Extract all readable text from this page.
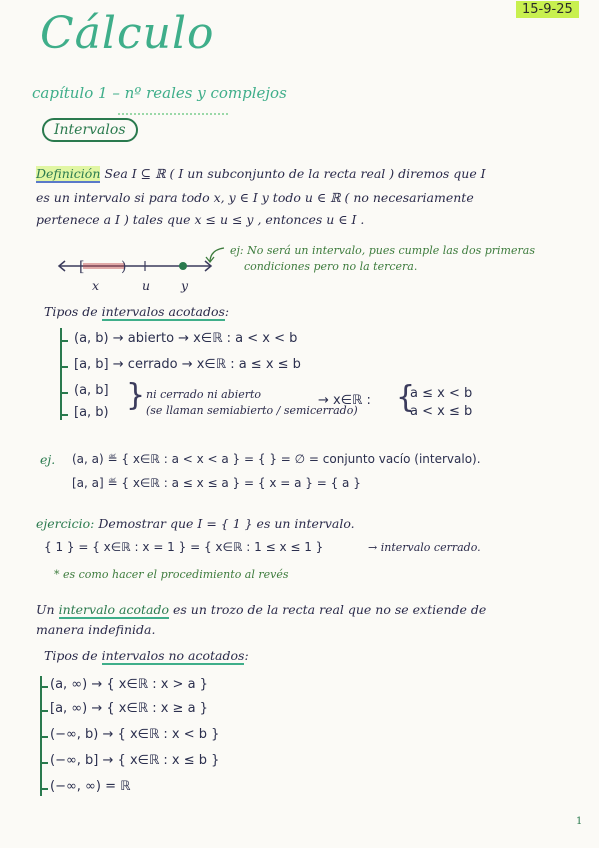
Cálculo	15-9-25
capítulo 1 – nº reales y complejos
Intervalos
Definición Sea I ⊆ ℝ ( I un subconjunto de la recta real ) diremos que I
es un intervalo si para todo x, y ∈ I y todo u ∈ ℝ ( no necesariamente
pertenece a I ) tales que x ≤ u ≤ y , entonces u ∈ I .
[	)
x	u y
ej: No será un intervalo, pues cumple las dos primeras
condiciones pero no la tercera.
Tipos de intervalos acotados:
(a, b) → abierto → x∈ℝ : a < x < b
[a, b] → cerrado → x∈ℝ : a ≤ x ≤ b
(a, b]
[a, b) } ni cerrado ni abierto
(se llaman semiabierto / semicerrado)
→ x∈ℝ : {
a ≤ x < b
a < x ≤ b
ej. (a, a) ≝ { x∈ℝ : a < x < a } = { } = ∅ = conjunto vacío (intervalo).
[a, a] ≝ { x∈ℝ : a ≤ x ≤ a } = { x = a } = { a }
ejercicio: Demostrar que I = { 1 } es un intervalo.
{ 1 } = { x∈ℝ : x = 1 } = { x∈ℝ : 1 ≤ x ≤ 1 }	→ intervalo cerrado.
* es como hacer el procedimiento al revés
Un intervalo acotado es un trozo de la recta real que no se extiende de
manera indefinida.
Tipos de intervalos no acotados:
(a, ∞) → { x∈ℝ : x > a }
[a, ∞) → { x∈ℝ : x ≥ a }
(−∞, b) → { x∈ℝ : x < b }
(−∞, b] → { x∈ℝ : x ≤ b }
(−∞, ∞) = ℝ
1
